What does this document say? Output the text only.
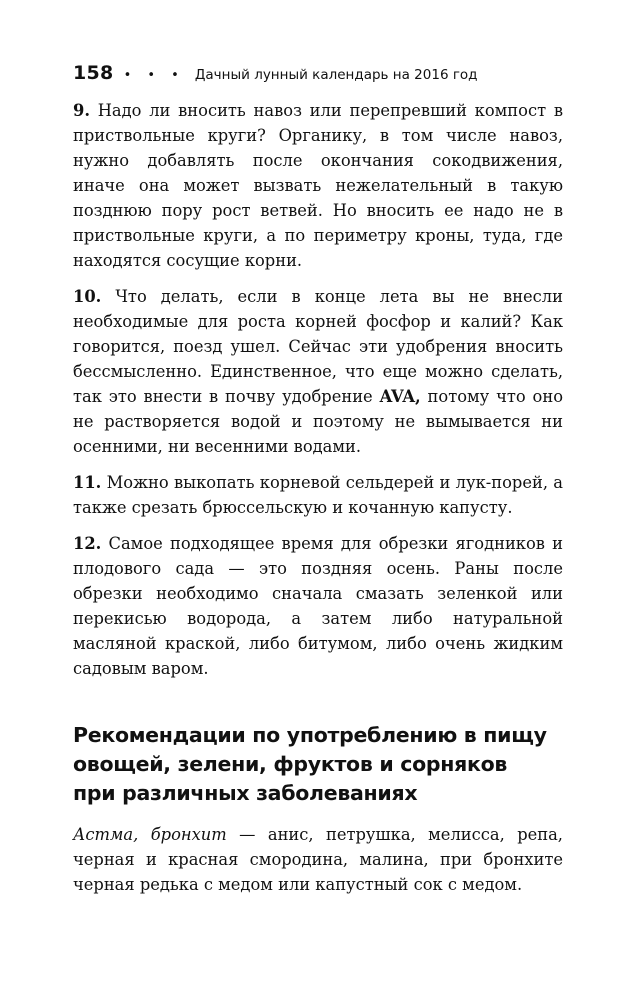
158 • • • Дачный лунный календарь на 2016 год

9. Надо ли вносить навоз или перепревший компост в приствольные круги? Органику, в том числе навоз, нужно добавлять после окончания сокодвижения, иначе она может вызвать нежелательный в такую позднюю пору рост ветвей. Но вносить ее надо не в приствольные круги, а по периметру кроны, туда, где находятся сосущие корни.

10. Что делать, если в конце лета вы не внесли необходимые для роста корней фосфор и калий? Как говорится, поезд ушел. Сейчас эти удобрения вносить бессмысленно. Единственное, что еще можно сделать, так это внести в почву удобрение AVA, потому что оно не растворяется водой и поэтому не вымывается ни осенними, ни весенними водами.

11. Можно выкопать корневой сельдерей и лук-порей, а также срезать брюссельскую и кочанную капусту.

12. Самое подходящее время для обрезки ягодников и плодового сада — это поздняя осень. Раны после обрезки необходимо сначала смазать зеленкой или перекисью водорода, а затем либо натуральной масляной краской, либо битумом, либо очень жидким садовым варом.

Рекомендации по употреблению в пищу
овощей, зелени, фруктов и сорняков
при различных заболеваниях

Астма, бронхит — анис, петрушка, мелисса, репа, черная и красная смородина, малина, при бронхите черная редька с медом или капустный сок с медом.
